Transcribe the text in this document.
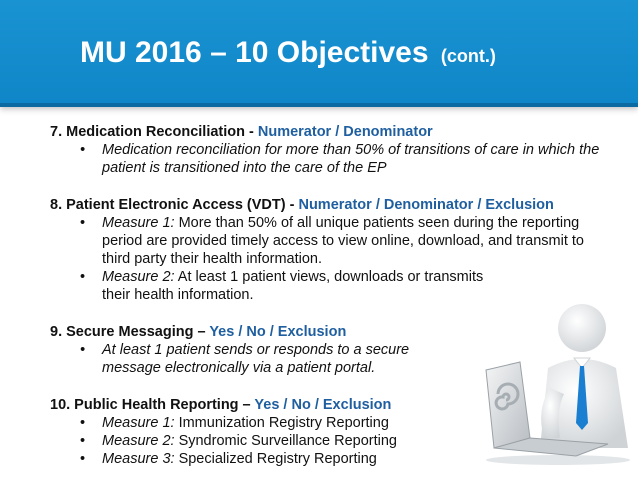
MU 2016 – 10 Objectives (cont.)
7. Medication Reconciliation - Numerator / Denominator
• Medication reconciliation for more than 50% of transitions of care in which the patient is transitioned into the care of the EP
8. Patient Electronic Access (VDT) - Numerator / Denominator / Exclusion
• Measure 1: More than 50% of all unique patients seen during the reporting period are provided timely access to view online, download, and transmit to third party their health information.
• Measure 2: At least 1 patient views, downloads or transmits their health information.
9. Secure Messaging – Yes / No / Exclusion
• At least 1 patient sends or responds to a secure message electronically via a patient portal.
10. Public Health Reporting – Yes / No / Exclusion
• Measure 1: Immunization Registry Reporting
• Measure 2: Syndromic Surveillance Reporting
• Measure 3: Specialized Registry Reporting
